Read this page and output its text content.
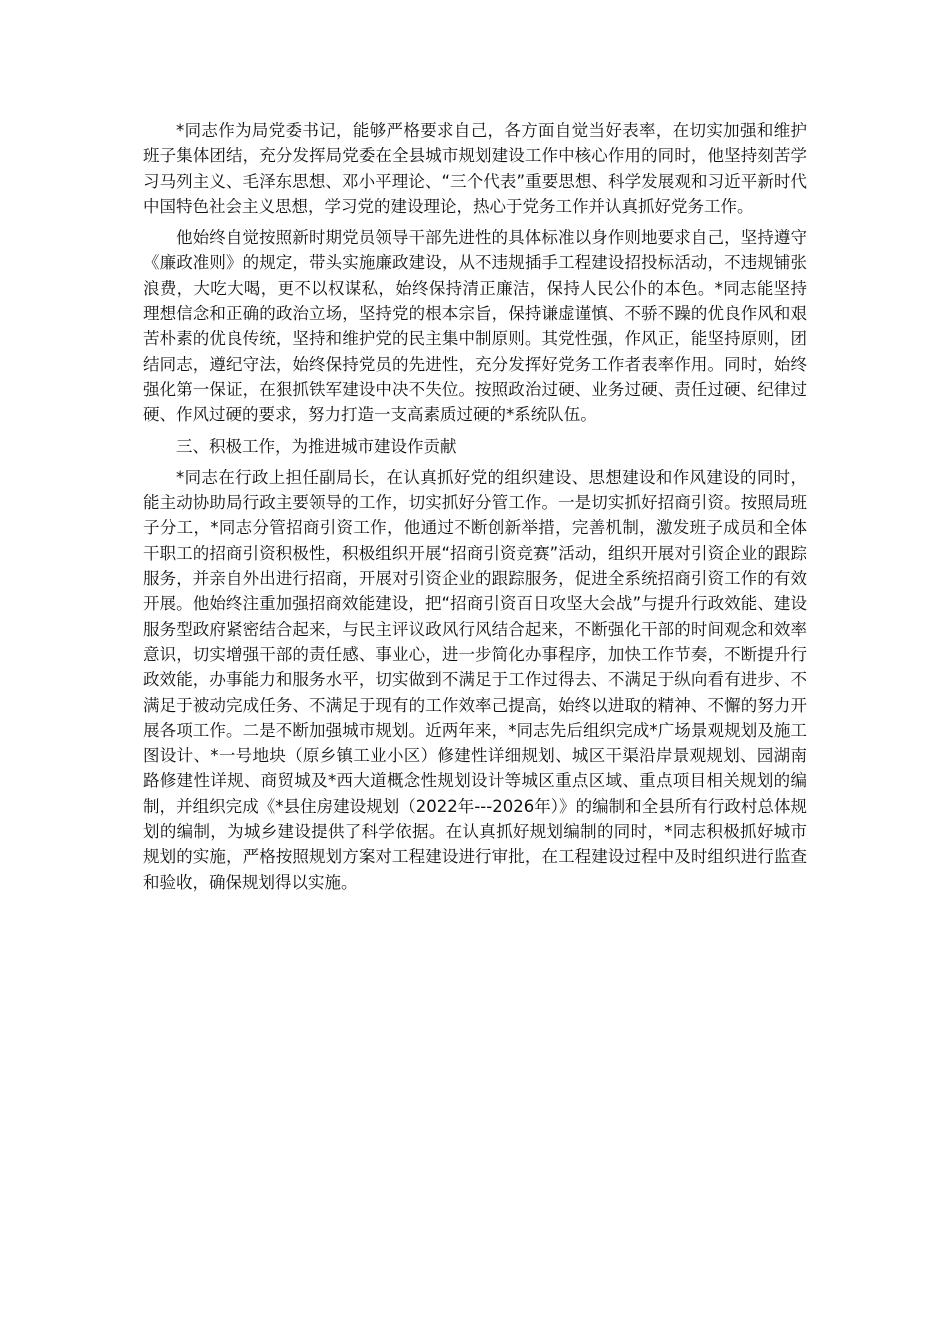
*同志作为局党委书记，能够严格要求自己，各方面自觉当好表率，在切实加强和维护班子集体团结，充分发挥局党委在全县城市规划建设工作中核心作用的同时，他坚持刻苦学习马列主义、毛泽东思想、邓小平理论、“三个代表”重要思想、科学发展观和习近平新时代中国特色社会主义思想，学习党的建设理论，热心于党务工作并认真抓好党务工作。

他始终自觉按照新时期党员领导干部先进性的具体标准以身作则地要求自己，坚持遵守《廉政准则》的规定，带头实施廉政建设，从不违规插手工程建设招投标活动，不违规铺张浪费，大吃大喝，更不以权谋私，始终保持清正廉洁，保持人民公仆的本色。*同志能坚持理想信念和正确的政治立场，坚持党的根本宗旨，保持谦虚谨慎、不骄不躁的优良作风和艰苦朴素的优良传统，坚持和维护党的民主集中制原则。其党性强，作风正，能坚持原则，团结同志，遵纪守法，始终保持党员的先进性，充分发挥好党务工作者表率作用。同时，始终强化第一保证，在狠抓铁军建设中决不失位。按照政治过硬、业务过硬、责任过硬、纪律过硬、作风过硬的要求，努力打造一支高素质过硬的*系统队伍。

三、积极工作，为推进城市建设作贡献

*同志在行政上担任副局长，在认真抓好党的组织建设、思想建设和作风建设的同时，能主动协助局行政主要领导的工作，切实抓好分管工作。一是切实抓好招商引资。按照局班子分工，*同志分管招商引资工作，他通过不断创新举措，完善机制，激发班子成员和全体干职工的招商引资积极性，积极组织开展“招商引资竞赛”活动，组织开展对引资企业的跟踪服务，并亲自外出进行招商，开展对引资企业的跟踪服务，促进全系统招商引资工作的有效开展。他始终注重加强招商效能建设，把“招商引资百日攻坚大会战”与提升行政效能、建设服务型政府紧密结合起来，与民主评议政风行风结合起来，不断强化干部的时间观念和效率意识，切实增强干部的责任感、事业心，进一步简化办事程序，加快工作节奏，不断提升行政效能，办事能力和服务水平，切实做到不满足于工作过得去、不满足于纵向看有进步、不满足于被动完成任务、不满足于现有的工作效率己提高，始终以进取的精神、不懈的努力开展各项工作。二是不断加强城市规划。近两年来，*同志先后组织完成*广场景观规划及施工图设计、*一号地块（原乡镇工业小区）修建性详细规划、城区干渠沿岸景观规划、园湖南路修建性详规、商贸城及*西大道概念性规划设计等城区重点区域、重点项目相关规划的编制，并组织完成《*县住房建设规划（2022年---2026年）》的编制和全县所有行政村总体规划的编制，为城乡建设提供了科学依据。在认真抓好规划编制的同时，*同志积极抓好城市规划的实施，严格按照规划方案对工程建设进行审批，在工程建设过程中及时组织进行监查和验收，确保规划得以实施。
